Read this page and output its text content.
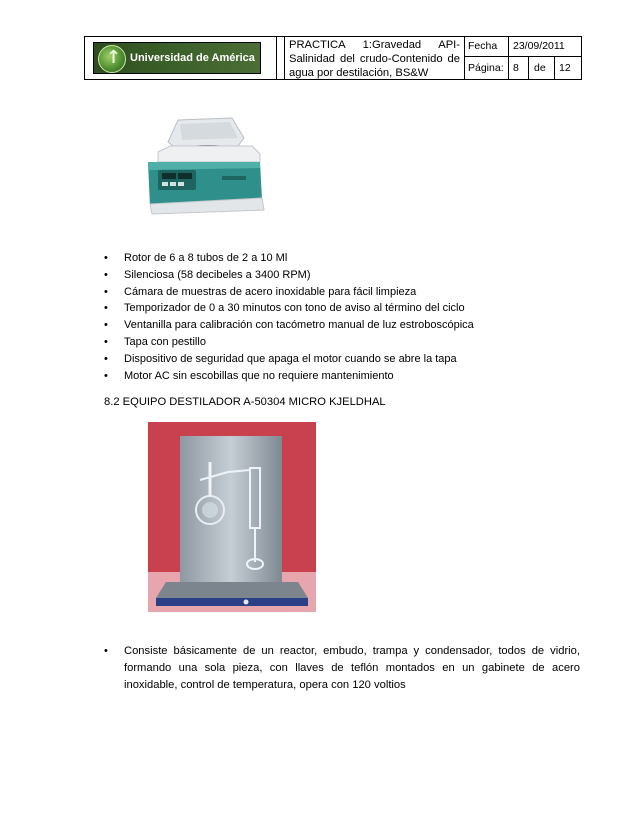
↑
Universidad de América
PRACTICA 1:Gravedad API-
Salinidad del crudo-Contenido de
agua por destilación, BS&W
Fecha	23/09/2011
Página: 8	de	12
• Rotor de 6 a 8 tubos de 2 a 10 Ml
• Silenciosa (58 decibeles a 3400 RPM)
• Cámara de muestras de acero inoxidable para fácil limpieza
• Temporizador de 0 a 30 minutos con tono de aviso al término del ciclo
• Ventanilla para calibración con tacómetro manual de luz estroboscópica
• Tapa con pestillo
• Dispositivo de seguridad que apaga el motor cuando se abre la tapa
• Motor AC sin escobillas que no requiere mantenimiento
8.2 EQUIPO DESTILADOR A-50304 MICRO KJELDHAL
• Consiste básicamente de un reactor, embudo, trampa y condensador, todos de vidrio, formando una sola pieza, con llaves de teflón montados en un gabinete de acero inoxidable, control de temperatura, opera con 120 voltios
